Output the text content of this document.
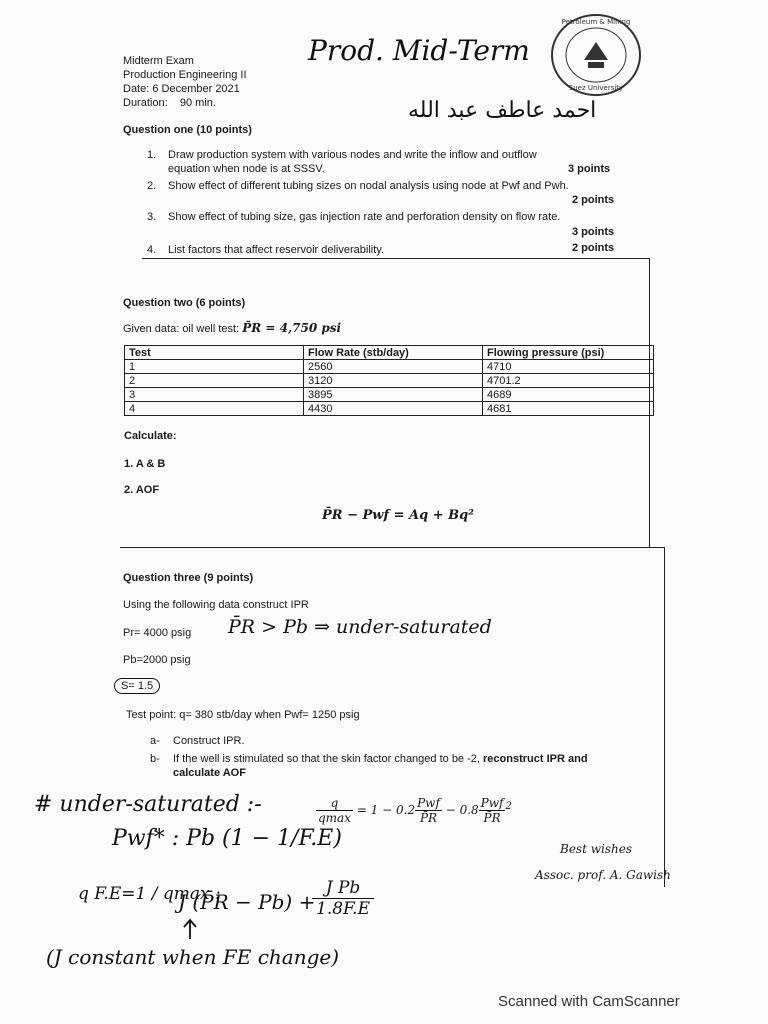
Midterm Exam
Production Engineering II
Date: 6 December 2021
Duration: 90 min.
Petroleum & Mining
Suez University
Prod. Mid-Term
احمد عاطف عبد الله
Question one (10 points)
1. Draw production system with various nodes and write the inflow and outflow
equation when node is at SSSV.	3 points
2. Show effect of different tubing sizes on nodal analysis using node at Pwf and Pwh.
2 points
3. Show effect of tubing size, gas injection rate and perforation density on flow rate.
3 points
4. List factors that affect reservoir deliverability.	2 points
Question two (6 points)
Given data: oil well test: P̄R = 4,750 psi
Test	Flow Rate (stb/day)	Flowing pressure (psi)
1	2560	4710
2	3120	4701.2
3	3895	4689
4	4430	4681
Calculate:
1. A & B
2. AOF
P̄R − Pwf = Aq + Bq²
Question three (9 points)
Using the following data construct IPR
Pr= 4000 psig
Pb=2000 psig
P̄R > Pb ⇒ under-saturated
S= 1.5
Test point: q= 380 stb/day when Pwf= 1250 psig
a- Construct IPR.
b- If the well is stimulated so that the skin factor changed to be -2, reconstruct IPR and
calculate AOF
$\frac{q}{qmax} = 1 - 0.2 \frac{\text{Pwf}}{P̄R} - 0.8 \frac{\text{Pwf}}{P̄R} ^2$
# under-saturated :-
Pwf* : Pb (1 − 1/F.E)
q F.E=1 / qmax :
J (P̄R − Pb) +
$\frac{\text{J Pb}}{1.8F.E}$
(J constant when FE change)
Best wishes
Assoc. prof. A. Gawish
Scanned with CamScanner
